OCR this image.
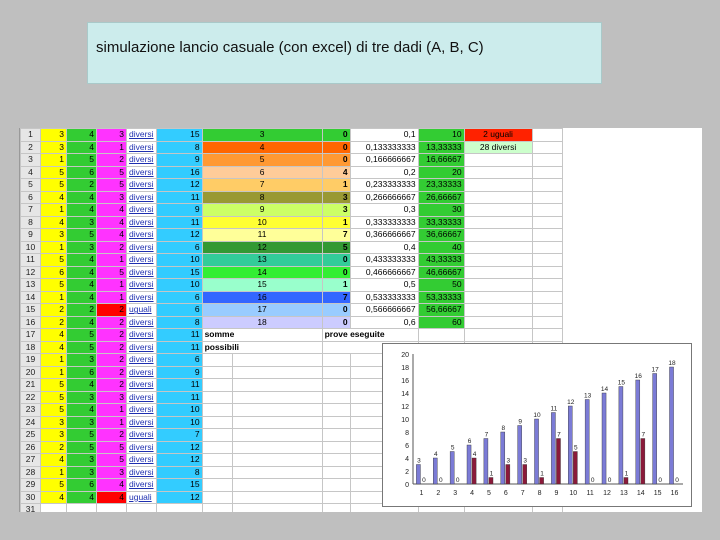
simulazione lancio casuale (con excel) di tre dadi (A, B, C)
1	3	4	3	diversi	15	3		0	0,1	10	2 uguali	
2	3	4	1	diversi	8	4		0	0,133333333	13,33333	28 diversi	
3	1	5	2	diversi	9	5		0	0,166666667	16,66667		
4	5	6	5	diversi	16	6		4	0,2	20		
5	5	2	5	diversi	12	7		1	0,233333333	23,33333		
6	4	4	3	diversi	11	8		3	0,266666667	26,66667		
7	1	4	4	diversi	9	9		3	0,3	30		
8	4	3	4	diversi	11	10		1	0,333333333	33,33333		
9	3	5	4	diversi	12	11		7	0,366666667	36,66667		
10	1	3	2	diversi	6	12		5	0,4	40		
11	5	4	1	diversi	10	13		0	0,433333333	43,33333		
12	6	4	5	diversi	15	14		0	0,466666667	46,66667		
13	5	4	1	diversi	10	15		1	0,5	50		
14	1	4	1	diversi	6	16		7	0,533333333	53,33333		
15	2	2	2	uguali	6	17		0	0,566666667	56,66667		
16	2	4	2	diversi	8	18		0	0,6	60		
17	4	5	2	diversi	11	somme		prove eseguite				
18	4	5	2	diversi	11	possibili				
19	1	3	2	diversi	6							
20	1	6	2	diversi	9							
21	5	4	2	diversi	11							
22	5	3	3	diversi	11							
23	5	4	1	diversi	10							
24	3	3	1	diversi	10							
25	3	5	2	diversi	7							
26	2	5	5	diversi	12							
27	4	3	5	diversi	12							
28	1	3	3	diversi	8							
29	5	6	4	diversi	15							
30	4	4	4	uguali	12							
31												
0
2
4
6
8
10
12
14
16
18
20
1
3
0
2
4
0
3
5
0
4
6
4
5
7
1
6
8
3
7
9
3
8
10
1
9
11
7
10
12
5
11
13
0
12
14
0
13
15
1
14
16
7
15
17
0
16
18
0
